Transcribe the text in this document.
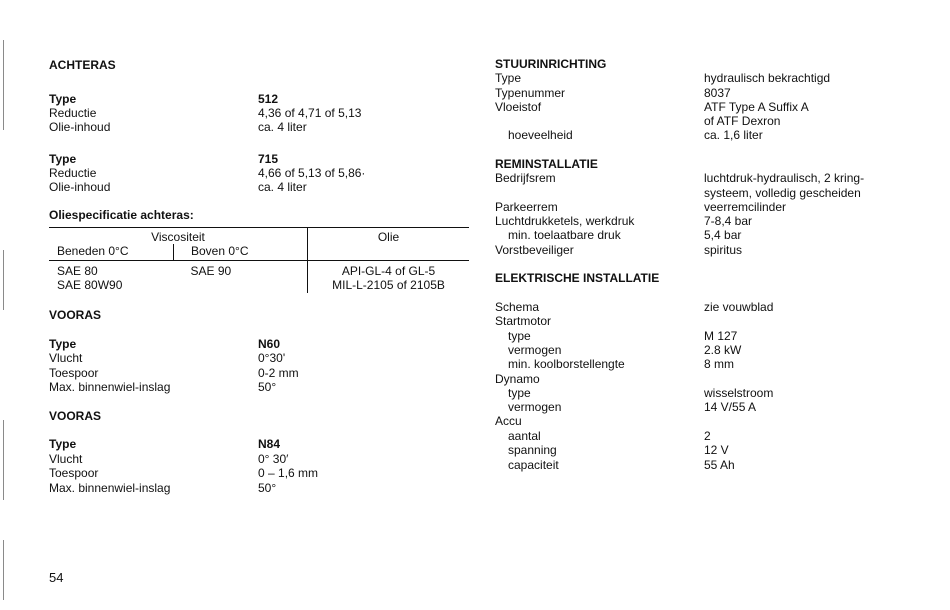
ACHTERAS
Type	512
Reductie	4,36 of 4,71 of 5,13
Olie-inhoud	ca. 4 liter
Type	715
Reductie	4,66 of 5,13 of 5,86·
Olie-inhoud	ca. 4 liter
Oliespecificatie achteras:
Viscositeit		Olie
Beneden 0°C	Boven 0°C	
SAE 80	SAE 90	API-GL-4 of GL-5
SAE 80W90		MIL-L-2105 of 2105B
VOORAS
Type	N60
Vlucht	0°30'
Toespoor	0-2 mm
Max. binnenwiel-inslag	50°
VOORAS
Type	N84
Vlucht	0° 30′
Toespoor	0 – 1,6 mm
Max. binnenwiel-inslag	50°
54
STUURINRICHTING
Type	hydraulisch bekrachtigd
Typenummer	8037
Vloeistof	ATF Type A Suffix A
of ATF Dexron
hoeveelheid	ca. 1,6 liter
REMINSTALLATIE
Bedrijfsrem	luchtdruk-hydraulisch, 2 kring-
systeem, volledig gescheiden
Parkeerrem	veerremcilinder
Luchtdrukketels, werkdruk	7-8,4 bar
min. toelaatbare druk	5,4 bar
Vorstbeveiliger	spiritus
ELEKTRISCHE INSTALLATIE
Schema	zie vouwblad
Startmotor
type	M 127
vermogen	2.8 kW
min. koolborstellengte	8 mm
Dynamo
type	wisselstroom
vermogen	14 V/55 A
Accu
aantal	2
spanning	12 V
capaciteit	55 Ah
